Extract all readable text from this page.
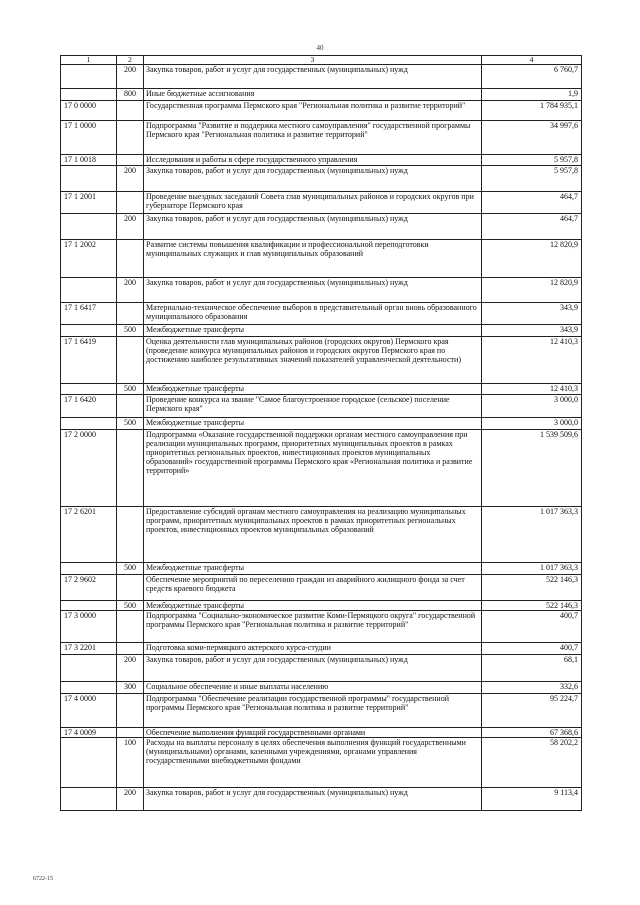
40
1	2	3	4
	200	Закупка товаров, работ и услуг для государственных (муниципальных) нужд	6 760,7
	800	Иные бюджетные ассигнования	1,9
17 0 0000		Государственная программа Пермского края "Региональная политика и развитие территорий"	1 784 935,1
17 1 0000		Подпрограмма "Развитие и поддержка местного самоуправления" государственной программы Пермского края "Региональная политика и развитие территорий"	34 997,6
17 1 0018		Исследования и работы в сфере государственного управления	5 957,8
	200	Закупка товаров, работ и услуг для государственных (муниципальных) нужд	5 957,8
17 1 2001		Проведение выездных заседаний Совета глав муниципальных районов и городских округов при губернаторе Пермского края	464,7
	200	Закупка товаров, работ и услуг для государственных (муниципальных) нужд	464,7
17 1 2002		Развитие системы повышения квалификации и профессиональной переподготовки муниципальных служащих и глав муниципальных образований	12 820,9
	200	Закупка товаров, работ и услуг для государственных (муниципальных) нужд	12 820,9
17 1 6417		Материально-техническое обеспечение выборов в представительный орган вновь образованного муниципального образования	343,9
	500	Межбюджетные трансферты	343,9
17 1 6419		Оценка деятельности глав муниципальных районов (городских округов) Пермского края (проведение конкурса муниципальных районов и городских округов Пермского края по достижению наиболее результативных значений показателей управленческой деятельности)	12 410,3
	500	Межбюджетные трансферты	12 410,3
17 1 6420		Проведение конкурса на звание "Самое благоустроенное городское (сельское) поселение Пермского края"	3 000,0
	500	Межбюджетные трансферты	3 000,0
17 2 0000		Подпрограмма «Оказание государственной поддержки органам местного самоуправления при реализации муниципальных программ, приоритетных муниципальных проектов в рамках приоритетных региональных проектов, инвестиционных проектов муниципальных образований» государственной программы Пермского края «Региональная политика и развитие территорий»	1 539 509,6
17 2 6201		Предоставление субсидий органам местного самоуправления на реализацию муниципальных программ, приоритетных муниципальных проектов в рамках приоритетных региональных проектов, инвестиционных проектов муниципальных образований	1 017 363,3
	500	Межбюджетные трансферты	1 017 363,3
17 2 9602		Обеспечение мероприятий по переселению граждан из аварийного жилищного фонда за счет средств краевого бюджета	522 146,3
	500	Межбюджетные трансферты	522 146,3
17 3 0000		Подпрограмма "Социально-экономическое развитие Коми-Пермяцкого округа" государственной программы Пермского края "Региональная политика и развитие территорий"	400,7
17 3 2201		Подготовка коми-пермяцкого актерского курса-студии	400,7
	200	Закупка товаров, работ и услуг для государственных (муниципальных) нужд	68,1
	300	Социальное обеспечение и иные выплаты населению	332,6
17 4 0000		Подпрограмма "Обеспечение реализации государственной программы" государственной программы Пермского края "Региональная политика и развитие территорий"	95 224,7
17 4 0009		Обеспечение выполнения функций государственными органами	67 368,6
	100	Расходы на выплаты персоналу в целях обеспечения выполнения функций государственными (муниципальными) органами, казенными учреждениями, органами управления государственными внебюджетными фондами	58 202,2
	200	Закупка товаров, работ и услуг для государственных (муниципальных) нужд	9 113,4
6722-15
